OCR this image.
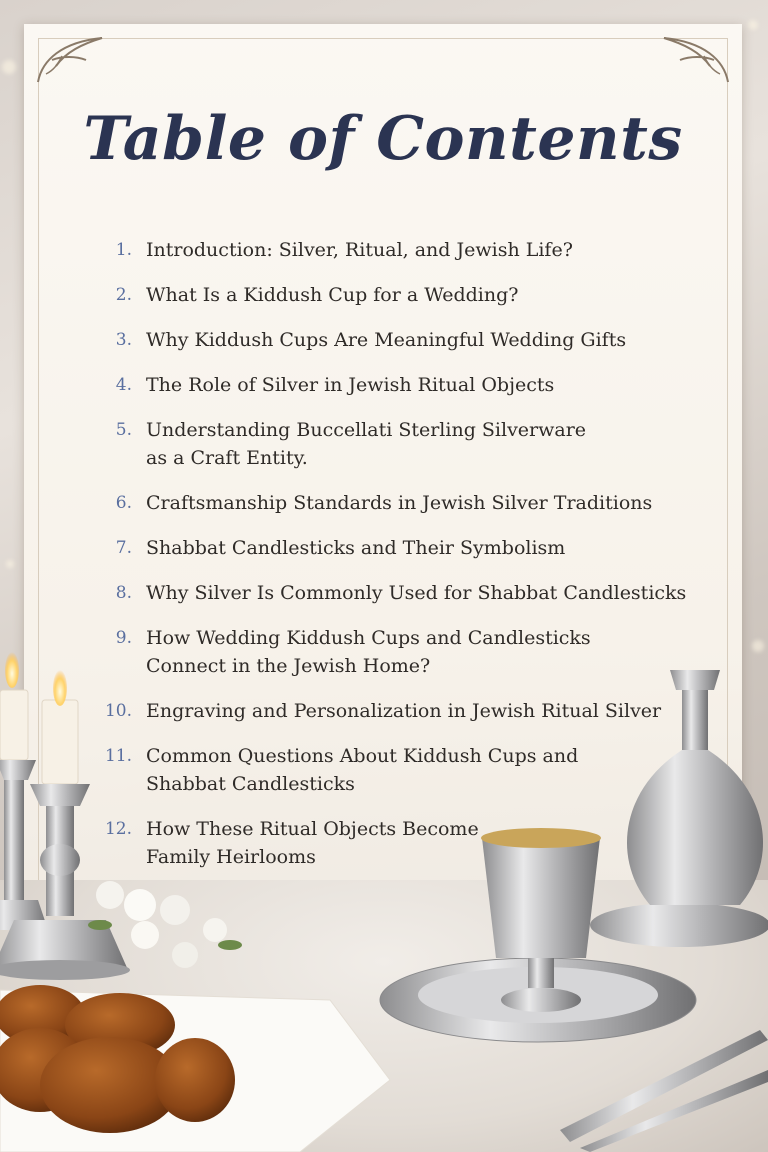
Table of Contents
1. Introduction: Silver, Ritual, and Jewish Life?
2. What Is a Kiddush Cup for a Wedding?
3. Why Kiddush Cups Are Meaningful Wedding Gifts
4. The Role of Silver in Jewish Ritual Objects
5. Understanding Buccellati Sterling Silverware
as a Craft Entity.
6. Craftsmanship Standards in Jewish Silver Traditions
7. Shabbat Candlesticks and Their Symbolism
8. Why Silver Is Commonly Used for Shabbat Candlesticks
9. How Wedding Kiddush Cups and Candlesticks
Connect in the Jewish Home?
10. Engraving and Personalization in Jewish Ritual Silver
11. Common Questions About Kiddush Cups and
Shabbat Candlesticks
12. How These Ritual Objects Become
Family Heirlooms
